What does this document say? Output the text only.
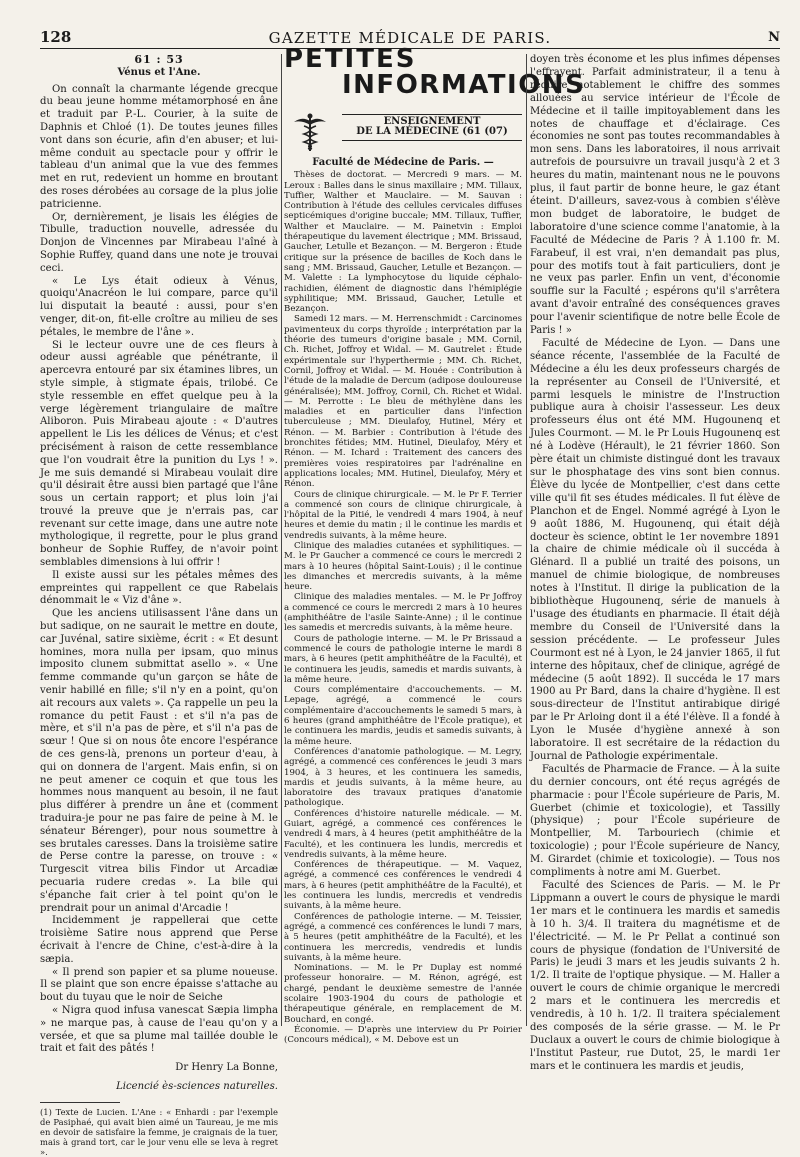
128	GAZETTE MÉDICALE DE PARIS.	N
61 : 53
Vénus et l'Ane.

On connaît la charmante légende grecque du beau jeune homme métamorphosé en âne et traduit par P.-L. Courier, à la suite de Daphnis et Chloé (1). De toutes jeunes filles vont dans son écurie, afin d'en abuser; et lui-même conduit au spectacle pour y offrir le tableau d'un animal que la vue des femmes met en rut, redevient un homme en broutant des roses dérobées au corsage de la plus jolie patricienne.

Or, dernièrement, je lisais les élégies de Tibulle, traduction nouvelle, adressée du Donjon de Vincennes par Mirabeau l'aîné à Sophie Ruffey, quand dans une note je trouvai ceci.

« Le Lys était odieux à Vénus, quoiqu'Anacréon le lui compare, parce qu'il lui disputait la beauté : aussi, pour s'en venger, dit-on, fit-elle croître au milieu de ses pétales, le membre de l'âne ».

Si le lecteur ouvre une de ces fleurs à odeur aussi agréable que pénétrante, il apercevra entouré par six étamines libres, un style simple, à stigmate épais, trilobé. Ce style ressemble en effet quelque peu à la verge légèrement triangulaire de maître Aliboron. Puis Mirabeau ajoute : « D'autres appellent le Lis les délices de Vénus; et c'est précisément à raison de cette ressemblance que l'on voudrait être la punition du Lys ! ». Je me suis demandé si Mirabeau voulait dire qu'il désirait être aussi bien partagé que l'âne sous un certain rapport; et plus loin j'ai trouvé la preuve que je n'errais pas, car revenant sur cette image, dans une autre note mythologique, il regrette, pour le plus grand bonheur de Sophie Ruffey, de n'avoir point semblables dimensions à lui offrir !

Il existe aussi sur les pétales mêmes des empreintes qui rappellent ce que Rabelais dénommait le « Viz d'âne ».

Que les anciens utilisassent l'âne dans un but sadique, on ne saurait le mettre en doute, car Juvénal, satire sixième, écrit : « Et desunt homines, mora nulla per ipsam, quo minus imposito clunem submittat asello ». « Une femme commande qu'un garçon se hâte de venir habillé en fille; s'il n'y en a point, qu'on ait recours aux valets ». Ça rappelle un peu la romance du petit Faust : et s'il n'a pas de mère, et s'il n'a pas de père, et s'il n'a pas de sœur ! Que si on nous ôte encore l'espérance de ces gens-là, prenons un porteur d'eau, à qui on donnera de l'argent. Mais enfin, si on ne peut amener ce coquin et que tous les hommes nous manquent au besoin, il ne faut plus différer à prendre un âne et (comment traduira-je pour ne pas faire de peine à M. le sénateur Bérenger), pour nous soumettre à ses brutales caresses. Dans la troisième satire de Perse contre la paresse, on trouve : « Turgescit vitrea bilis Findor ut Arcadiæ pecuaria rudere credas ». La bile qui s'épanche fait crier à tel point qu'on le prendrait pour un animal d'Arcadie !

Incidemment je rappellerai que cette troisième Satire nous apprend que Perse écrivait à l'encre de Chine, c'est-à-dire à la sæpia.

« Il prend son papier et sa plume noueuse. Il se plaint que son encre épaisse s'attache au bout du tuyau que le noir de Seiche

« Nigra quod infusa vanescat Sæpia limpha » ne marque pas, à cause de l'eau qu'on y a versée, et que sa plume mal taillée double le trait et fait des pâtés !

Dr Henry La Bonne,
Licencié ès-sciences naturelles.

(1) Texte de Lucien. L'Ane : « Enhardi : par l'exemple de Pasiphaé, qui avait bien aimé un Taureau, je me mis en devoir de satisfaire la femme, je craignais de la tuer, mais à grand tort, car le jour venu elle se leva à regret ».

PETITES
INFORMATIONS
ENSEIGNEMENT
DE LA MÉDECINE (61 (07)
Faculté de Médecine de Paris. —

Thèses de doctorat. — Mercredi 9 mars. — M. Leroux : Balles dans le sinus maxillaire ; MM. Tillaux, Tuffier, Walther et Mauclaire. — M. Sauvan : Contribution à l'étude des cellules cervicales diffuses septicémiques d'origine buccale; MM. Tillaux, Tuffier, Walther et Mauclaire. — M. Painetvin : Emploi thérapeutique du lavement électrique ; MM. Brissaud, Gaucher, Letulle et Bezançon. — M. Bergeron : Étude critique sur la présence de bacilles de Koch dans le sang ; MM. Brissaud, Gaucher, Letulle et Bezançon. — M. Valette : La lymphocytose du liquide céphalo-rachidien, élément de diagnostic dans l'hémiplégie syphilitique; MM. Brissaud, Gaucher, Letulle et Bezançon.

Samedi 12 mars. — M. Herrenschmidt : Carcinomes pavimenteux du corps thyroïde ; interprétation par la théorie des tumeurs d'origine basale ; MM. Cornil, Ch. Richet, Joffroy et Widal. — M. Gautrelet : Étude expérimentale sur l'hyperthermie ; MM. Ch. Richet, Cornil, Joffroy et Widal. — M. Houée : Contribution à l'étude de la maladie de Dercum (adipose douloureuse généralisée); MM. Joffroy, Cornil, Ch. Richet et Widal. — M. Perrotte : Le bleu de méthylène dans les maladies et en particulier dans l'infection tuberculeuse ; MM. Dieulafoy, Hutinel, Méry et Rénon. — M. Barbier : Contribution à l'étude des bronchites fétides; MM. Hutinel, Dieulafoy, Méry et Rénon. — M. Ichard : Traitement des cancers des premières voies respiratoires par l'adrénaline en applications locales; MM. Hutinel, Dieulafoy, Méry et Rénon.

Cours de clinique chirurgicale. — M. le Pr F. Terrier a commencé son cours de clinique chirurgicale, à l'hôpital de la Pitié, le vendredi 4 mars 1904, à neuf heures et demie du matin ; il le continue les mardis et vendredis suivants, à la même heure.

Clinique des maladies cutanées et syphilitiques. — M. le Pr Gaucher a commencé ce cours le mercredi 2 mars à 10 heures (hôpital Saint-Louis) ; il le continue les dimanches et mercredis suivants, à la même heure.

Clinique des maladies mentales. — M. le Pr Joffroy a commencé ce cours le mercredi 2 mars à 10 heures (amphithéâtre de l'asile Sainte-Anne) ; il le continue les samedis et mercredis suivants, à la même heure.

Cours de pathologie interne. — M. le Pr Brissaud a commencé le cours de pathologie interne le mardi 8 mars, à 6 heures (petit amphithéâtre de la Faculté), et le continuera les jeudis, samedis et mardis suivants, à la même heure.

Cours complémentaire d'accouchements. — M. Lepage, agrégé, a commencé le cours complémentaire d'accouchements le samedi 5 mars, à 6 heures (grand amphithéâtre de l'École pratique), et le continuera les mardis, jeudis et samedis suivants, à la même heure.

Conférences d'anatomie pathologique. — M. Legry, agrégé, a commencé ces conférences le jeudi 3 mars 1904, à 3 heures, et les continuera les samedis, mardis et jeudis suivants, à la même heure, au laboratoire des travaux pratiques d'anatomie pathologique.

Conférences d'histoire naturelle médicale. — M. Guiart, agrégé, a commencé ces conférences le vendredi 4 mars, à 4 heures (petit amphithéâtre de la Faculté), et les continuera les lundis, mercredis et vendredis suivants, à la même heure.

Conférences de thérapeutique. — M. Vaquez, agrégé, a commencé ces conférences le vendredi 4 mars, à 6 heures (petit amphithéâtre de la Faculté), et les continuera les lundis, mercredis et vendredis suivants, à la même heure.

Conférences de pathologie interne. — M. Teissier, agrégé, a commencé ces conférences le lundi 7 mars, à 5 heures (petit amphithéâtre de la Faculté), et les continuera les mercredis, vendredis et lundis suivants, à la même heure.

Nominations. — M. le Pr Duplay est nommé professeur honoraire. — M. Rénon, agrégé, est chargé, pendant le deuxième semestre de l'année scolaire 1903-1904 du cours de pathologie et thérapeutique générale, en remplacement de M. Bouchard, en congé.

Économie. — D'après une interview du Pr Poirier (Concours médical), « M. Debove est un

doyen très économe et les plus infimes dépenses l'effrayent. Parfait administrateur, il a tenu à réduire notablement le chiffre des sommes allouées au service intérieur de l'École de Médecine et il taille impitoyablement dans les notes de chauffage et d'éclairage. Ces économies ne sont pas toutes recommandables à mon sens. Dans les laboratoires, il nous arrivait autrefois de poursuivre un travail jusqu'à 2 et 3 heures du matin, maintenant nous ne le pouvons plus, il faut partir de bonne heure, le gaz étant éteint. D'ailleurs, savez-vous à combien s'élève mon budget de laboratoire, le budget de laboratoire d'une science comme l'anatomie, à la Faculté de Médecine de Paris ? À 1.100 fr. M. Farabeuf, il est vrai, n'en demandait pas plus, pour des motifs tout à fait particuliers, dont je ne veux pas parler. Enfin un vent, d'économie souffle sur la Faculté ; espérons qu'il s'arrêtera avant d'avoir entraîné des conséquences graves pour l'avenir scientifique de notre belle École de Paris ! »

Faculté de Médecine de Lyon. — Dans une séance récente, l'assemblée de la Faculté de Médecine a élu les deux professeurs chargés de la représenter au Conseil de l'Université, et parmi lesquels le ministre de l'Instruction publique aura à choisir l'assesseur. Les deux professeurs élus ont été MM. Hugounenq et Jules Courmont. — M. le Pr Louis Hugounenq est né à Lodève (Hérault), le 21 février 1860. Son père était un chimiste distingué dont les travaux sur le phosphatage des vins sont bien connus. Élève du lycée de Montpellier, c'est dans cette ville qu'il fit ses études médicales. Il fut élève de Planchon et de Engel. Nommé agrégé à Lyon le 9 août 1886, M. Hugounenq, qui était déjà docteur ès science, obtint le 1er novembre 1891 la chaire de chimie médicale où il succéda à Glénard. Il a publié un traité des poisons, un manuel de chimie biologique, de nombreuses notes à l'Institut. Il dirige la publication de la bibliothèque Hugounenq, série de manuels à l'usage des étudiants en pharmacie. Il était déjà membre du Conseil de l'Université dans la session précédente. — Le professeur Jules Courmont est né à Lyon, le 24 janvier 1865, il fut interne des hôpitaux, chef de clinique, agrégé de médecine (5 août 1892). Il succéda le 17 mars 1900 au Pr Bard, dans la chaire d'hygiène. Il est sous-directeur de l'Institut antirabique dirigé par le Pr Arloing dont il a été l'élève. Il a fondé à Lyon le Musée d'hygiène annexé à son laboratoire. Il est secrétaire de la rédaction du Journal de Pathologie expérimentale.

Facultés de Pharmacie de France. — À la suite du dernier concours, ont été reçus agrégés de pharmacie : pour l'École supérieure de Paris, M. Guerbet (chimie et toxicologie), et Tassilly (physique) ; pour l'École supérieure de Montpellier, M. Tarbouriech (chimie et toxicologie) ; pour l'École supérieure de Nancy, M. Girardet (chimie et toxicologie). — Tous nos compliments à notre ami M. Guerbet.

Faculté des Sciences de Paris. — M. le Pr Lippmann a ouvert le cours de physique le mardi 1er mars et le continuera les mardis et samedis à 10 h. 3/4. Il traitera du magnétisme et de l'électricité. — M. le Pr Pellat a continué son cours de physique (fondation de l'Université de Paris) le jeudi 3 mars et les jeudis suivants 2 h. 1/2. Il traite de l'optique physique. — M. Haller a ouvert le cours de chimie organique le mercredi 2 mars et le continuera les mercredis et vendredis, à 10 h. 1/2. Il traitera spécialement des composés de la série grasse. — M. le Pr Duclaux a ouvert le cours de chimie biologique à l'Institut Pasteur, rue Dutot, 25, le mardi 1er mars et le continuera les mardis et jeudis,
